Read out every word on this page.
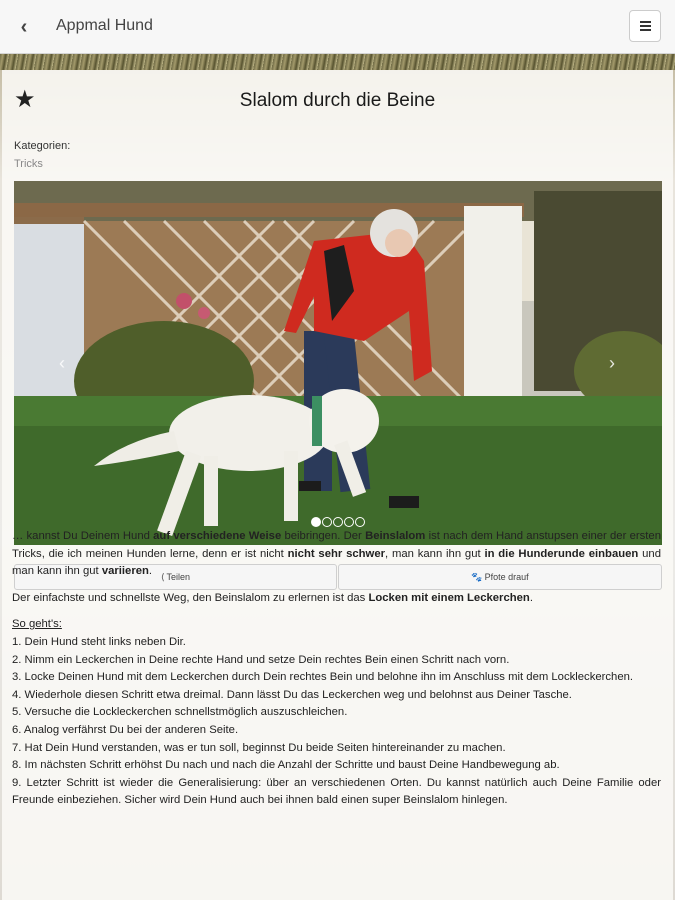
‹	Appmal Hund
★	Slalom durch die Beine
Kategorien:
Tricks
‹	›
⟨ Teilen	🐾 Pfote drauf

… kannst Du Deinem Hund auf verschiedene Weise beibringen. Der Beinslalom ist nach dem Hand anstupsen einer der ersten Tricks, die ich meinen Hunden lerne, denn er ist nicht nicht sehr schwer, man kann ihn gut in die Hunderunde einbauen und man kann ihn gut variieren.

Der einfachste und schnellste Weg, den Beinslalom zu erlernen ist das Locken mit einem Leckerchen.

So geht's:
1. Dein Hund steht links neben Dir.
2. Nimm ein Leckerchen in Deine rechte Hand und setze Dein rechtes Bein einen Schritt nach vorn.
3. Locke Deinen Hund mit dem Leckerchen durch Dein rechtes Bein und belohne ihn im Anschluss mit dem Lockleckerchen.
4. Wiederhole diesen Schritt etwa dreimal. Dann lässt Du das Leckerchen weg und belohnst aus Deiner Tasche.
5. Versuche die Lockleckerchen schnellstmöglich auszuschleichen.
6. Analog verfährst Du bei der anderen Seite.
7. Hat Dein Hund verstanden, was er tun soll, beginnst Du beide Seiten hintereinander zu machen.
8. Im nächsten Schritt erhöhst Du nach und nach die Anzahl der Schritte und baust Deine Handbewegung ab.
9. Letzter Schritt ist wieder die Generalisierung: über an verschiedenen Orten. Du kannst natürlich auch Deine Familie oder Freunde einbeziehen. Sicher wird Dein Hund auch bei ihnen bald einen super Beinslalom hinlegen.
